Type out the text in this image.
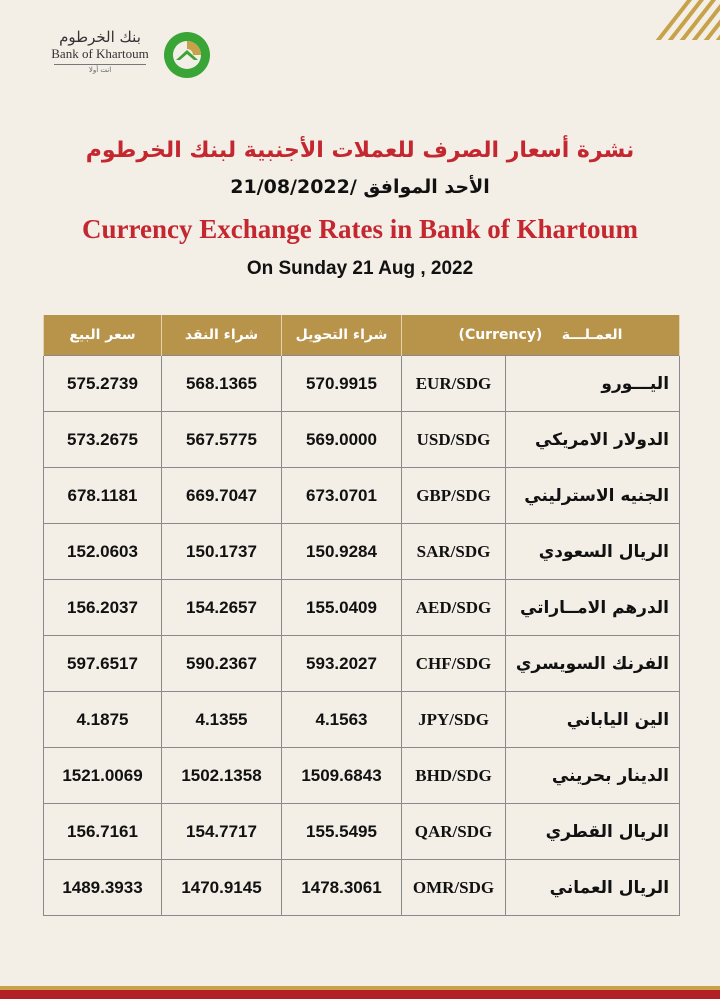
بنك الخرطوم
Bank of Khartoum
انت أولا
نشرة أسعار الصرف للعملات الأجنبية لبنك الخرطوم
الأحد الموافق /21/08/2022
Currency Exchange Rates in Bank of Khartoum
On Sunday 21 Aug , 2022
سعر البيع	شراء النقد	شراء التحويل	العمـلـــة    (Currency)	
575.2739	568.1365	570.9915	EUR/SDG	اليـــورو
573.2675	567.5775	569.0000	USD/SDG	الدولار الامريكي
678.1181	669.7047	673.0701	GBP/SDG	الجنيه الاسترليني
152.0603	150.1737	150.9284	SAR/SDG	الريال السعودي
156.2037	154.2657	155.0409	AED/SDG	الدرهم الامــاراتي
597.6517	590.2367	593.2027	CHF/SDG	الفرنك السويسري
4.1875	4.1355	4.1563	JPY/SDG	الين الياباني
1521.0069	1502.1358	1509.6843	BHD/SDG	الدينار بحريني
156.7161	154.7717	155.5495	QAR/SDG	الريال القطري
1489.3933	1470.9145	1478.3061	OMR/SDG	الريال العماني
